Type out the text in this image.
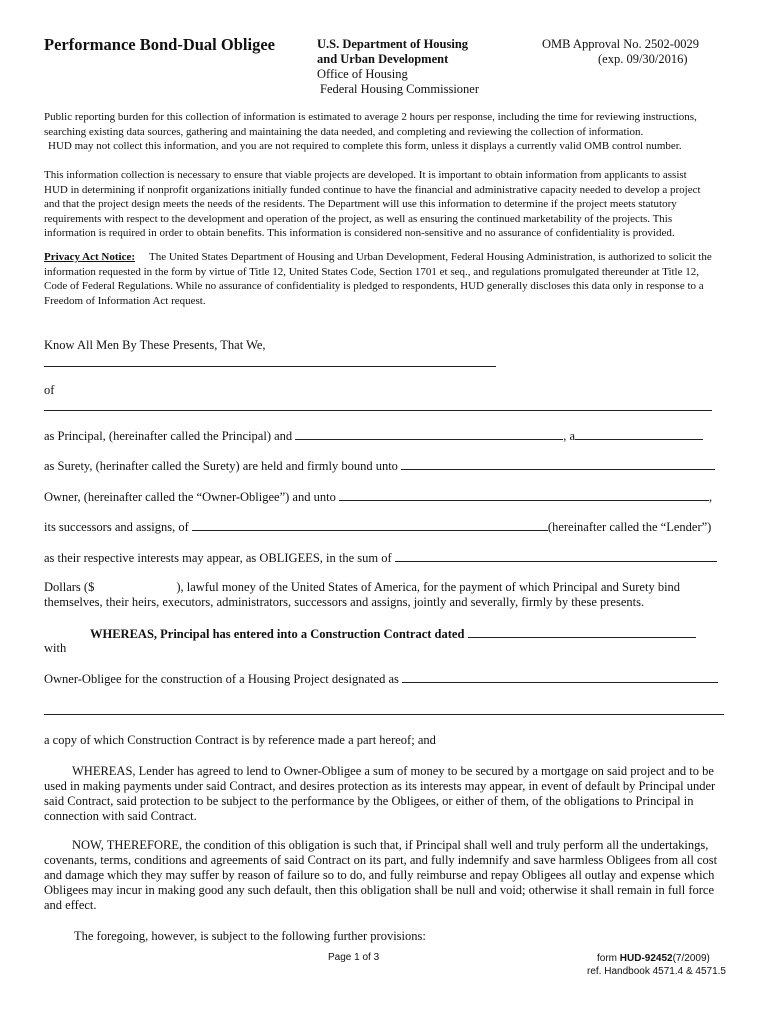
Performance Bond-Dual Obligee	U.S. Department of Housing
and Urban Development
Office of Housing
Federal Housing Commissioner
OMB Approval No. 2502-0029
(exp. 09/30/2016)
Public reporting burden for this collection of information is estimated to average 2 hours per response, including the time for reviewing instructions,
searching existing data sources, gathering and maintaining the data needed, and completing and reviewing the collection of information.
HUD may not collect this information, and you are not required to complete this form, unless it displays a currently valid OMB control number.
This information collection is necessary to ensure that viable projects are developed. It is important to obtain information from applicants to assist
HUD in determining if nonprofit organizations initially funded continue to have the financial and administrative capacity needed to develop a project
and that the project design meets the needs of the residents. The Department will use this information to determine if the project meets statutory
requirements with respect to the development and operation of the project, as well as ensuring the continued marketability of the projects. This
information is required in order to obtain benefits. This information is considered non-sensitive and no assurance of confidentiality is provided.
Privacy Act Notice: The United States Department of Housing and Urban Development, Federal Housing Administration, is authorized to solicit the
information requested in the form by virtue of Title 12, United States Code, Section 1701 et seq., and regulations promulgated thereunder at Title 12,
Code of Federal Regulations. While no assurance of confidentiality is pledged to respondents, HUD generally discloses this data only in response to a
Freedom of Information Act request.
Know All Men By These Presents, That We,
of
as Principal, (hereinafter called the Principal) and	, a
as Surety, (herinafter called the Surety) are held and firmly bound unto
Owner, (hereinafter called the “Owner-Obligee”) and unto	,
its successors and assigns, of	(hereinafter called the “Lender”)
as their respective interests may appear, as OBLIGEES, in the sum of
Dollars ($	), lawful money of the United States of America, for the payment of which Principal and Surety bind
themselves, their heirs, executors, administrators, successors and assigns, jointly and severally, firmly by these presents.
WHEREAS, Principal has entered into a Construction Contract dated
with
Owner-Obligee for the construction of a Housing Project designated as
a copy of which Construction Contract is by reference made a part hereof; and
WHEREAS, Lender has agreed to lend to Owner-Obligee a sum of money to be secured by a mortgage on said project and to be
used in making payments under said Contract, and desires protection as its interests may appear, in event of default by Principal under
said Contract, said protection to be subject to the performance by the Obligees, or either of them, of the obligations to Principal in
connection with said Contract.
NOW, THEREFORE, the condition of this obligation is such that, if Principal shall well and truly perform all the undertakings,
covenants, terms, conditions and agreements of said Contract on its part, and fully indemnify and save harmless Obligees from all cost
and damage which they may suffer by reason of failure so to do, and fully reimburse and repay Obligees all outlay and expense which
Obligees may incur in making good any such default, then this obligation shall be null and void; otherwise it shall remain in full force
and effect.
The foregoing, however, is subject to the following further provisions:
Page 1 of 3	form HUD-92452(7/2009)
ref. Handbook 4571.4 & 4571.5
